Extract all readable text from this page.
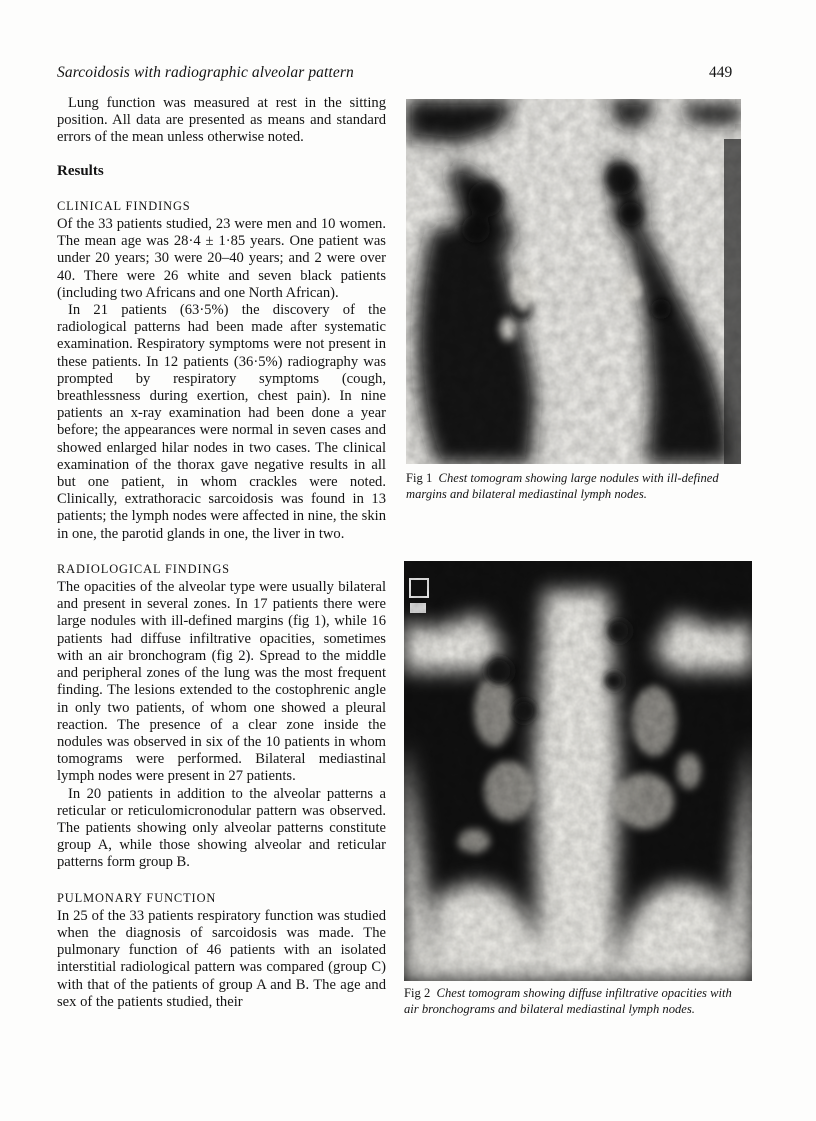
Sarcoidosis with radiographic alveolar pattern	449

Lung function was measured at rest in the sitting position. All data are presented as means and standard errors of the mean unless otherwise noted.

Results
CLINICAL FINDINGS

Of the 33 patients studied, 23 were men and 10 women. The mean age was 28·4 ± 1·85 years. One patient was under 20 years; 30 were 20–40 years; and 2 were over 40. There were 26 white and seven black patients (including two Africans and one North African).

In 21 patients (63·5%) the discovery of the radiological patterns had been made after systematic examination. Respiratory symptoms were not present in these patients. In 12 patients (36·5%) radiography was prompted by respiratory symptoms (cough, breathlessness during exertion, chest pain). In nine patients an x-ray examination had been done a year before; the appearances were normal in seven cases and showed enlarged hilar nodes in two cases. The clinical examination of the thorax gave negative results in all but one patient, in whom crackles were noted. Clinically, extrathoracic sarcoidosis was found in 13 patients; the lymph nodes were affected in nine, the skin in one, the parotid glands in one, the liver in two.

RADIOLOGICAL FINDINGS

The opacities of the alveolar type were usually bilateral and present in several zones. In 17 patients there were large nodules with ill-defined margins (fig 1), while 16 patients had diffuse infiltrative opacities, sometimes with an air bronchogram (fig 2). Spread to the middle and peripheral zones of the lung was the most frequent finding. The lesions extended to the costophrenic angle in only two patients, of whom one showed a pleural reaction. The presence of a clear zone inside the nodules was observed in six of the 10 patients in whom tomograms were performed. Bilateral mediastinal lymph nodes were present in 27 patients.

In 20 patients in addition to the alveolar patterns a reticular or reticulomicronodular pattern was observed. The patients showing only alveolar patterns constitute group A, while those showing alveolar and reticular patterns form group B.

PULMONARY FUNCTION

In 25 of the 33 patients respiratory function was studied when the diagnosis of sarcoidosis was made. The pulmonary function of 46 patients with an isolated interstitial radiological pattern was compared (group C) with that of the patients of group A and B. The age and sex of the patients studied, their

Fig 1 Chest tomogram showing large nodules with ill-defined margins and bilateral mediastinal lymph nodes.
Fig 2 Chest tomogram showing diffuse infiltrative opacities with air bronchograms and bilateral mediastinal lymph nodes.
